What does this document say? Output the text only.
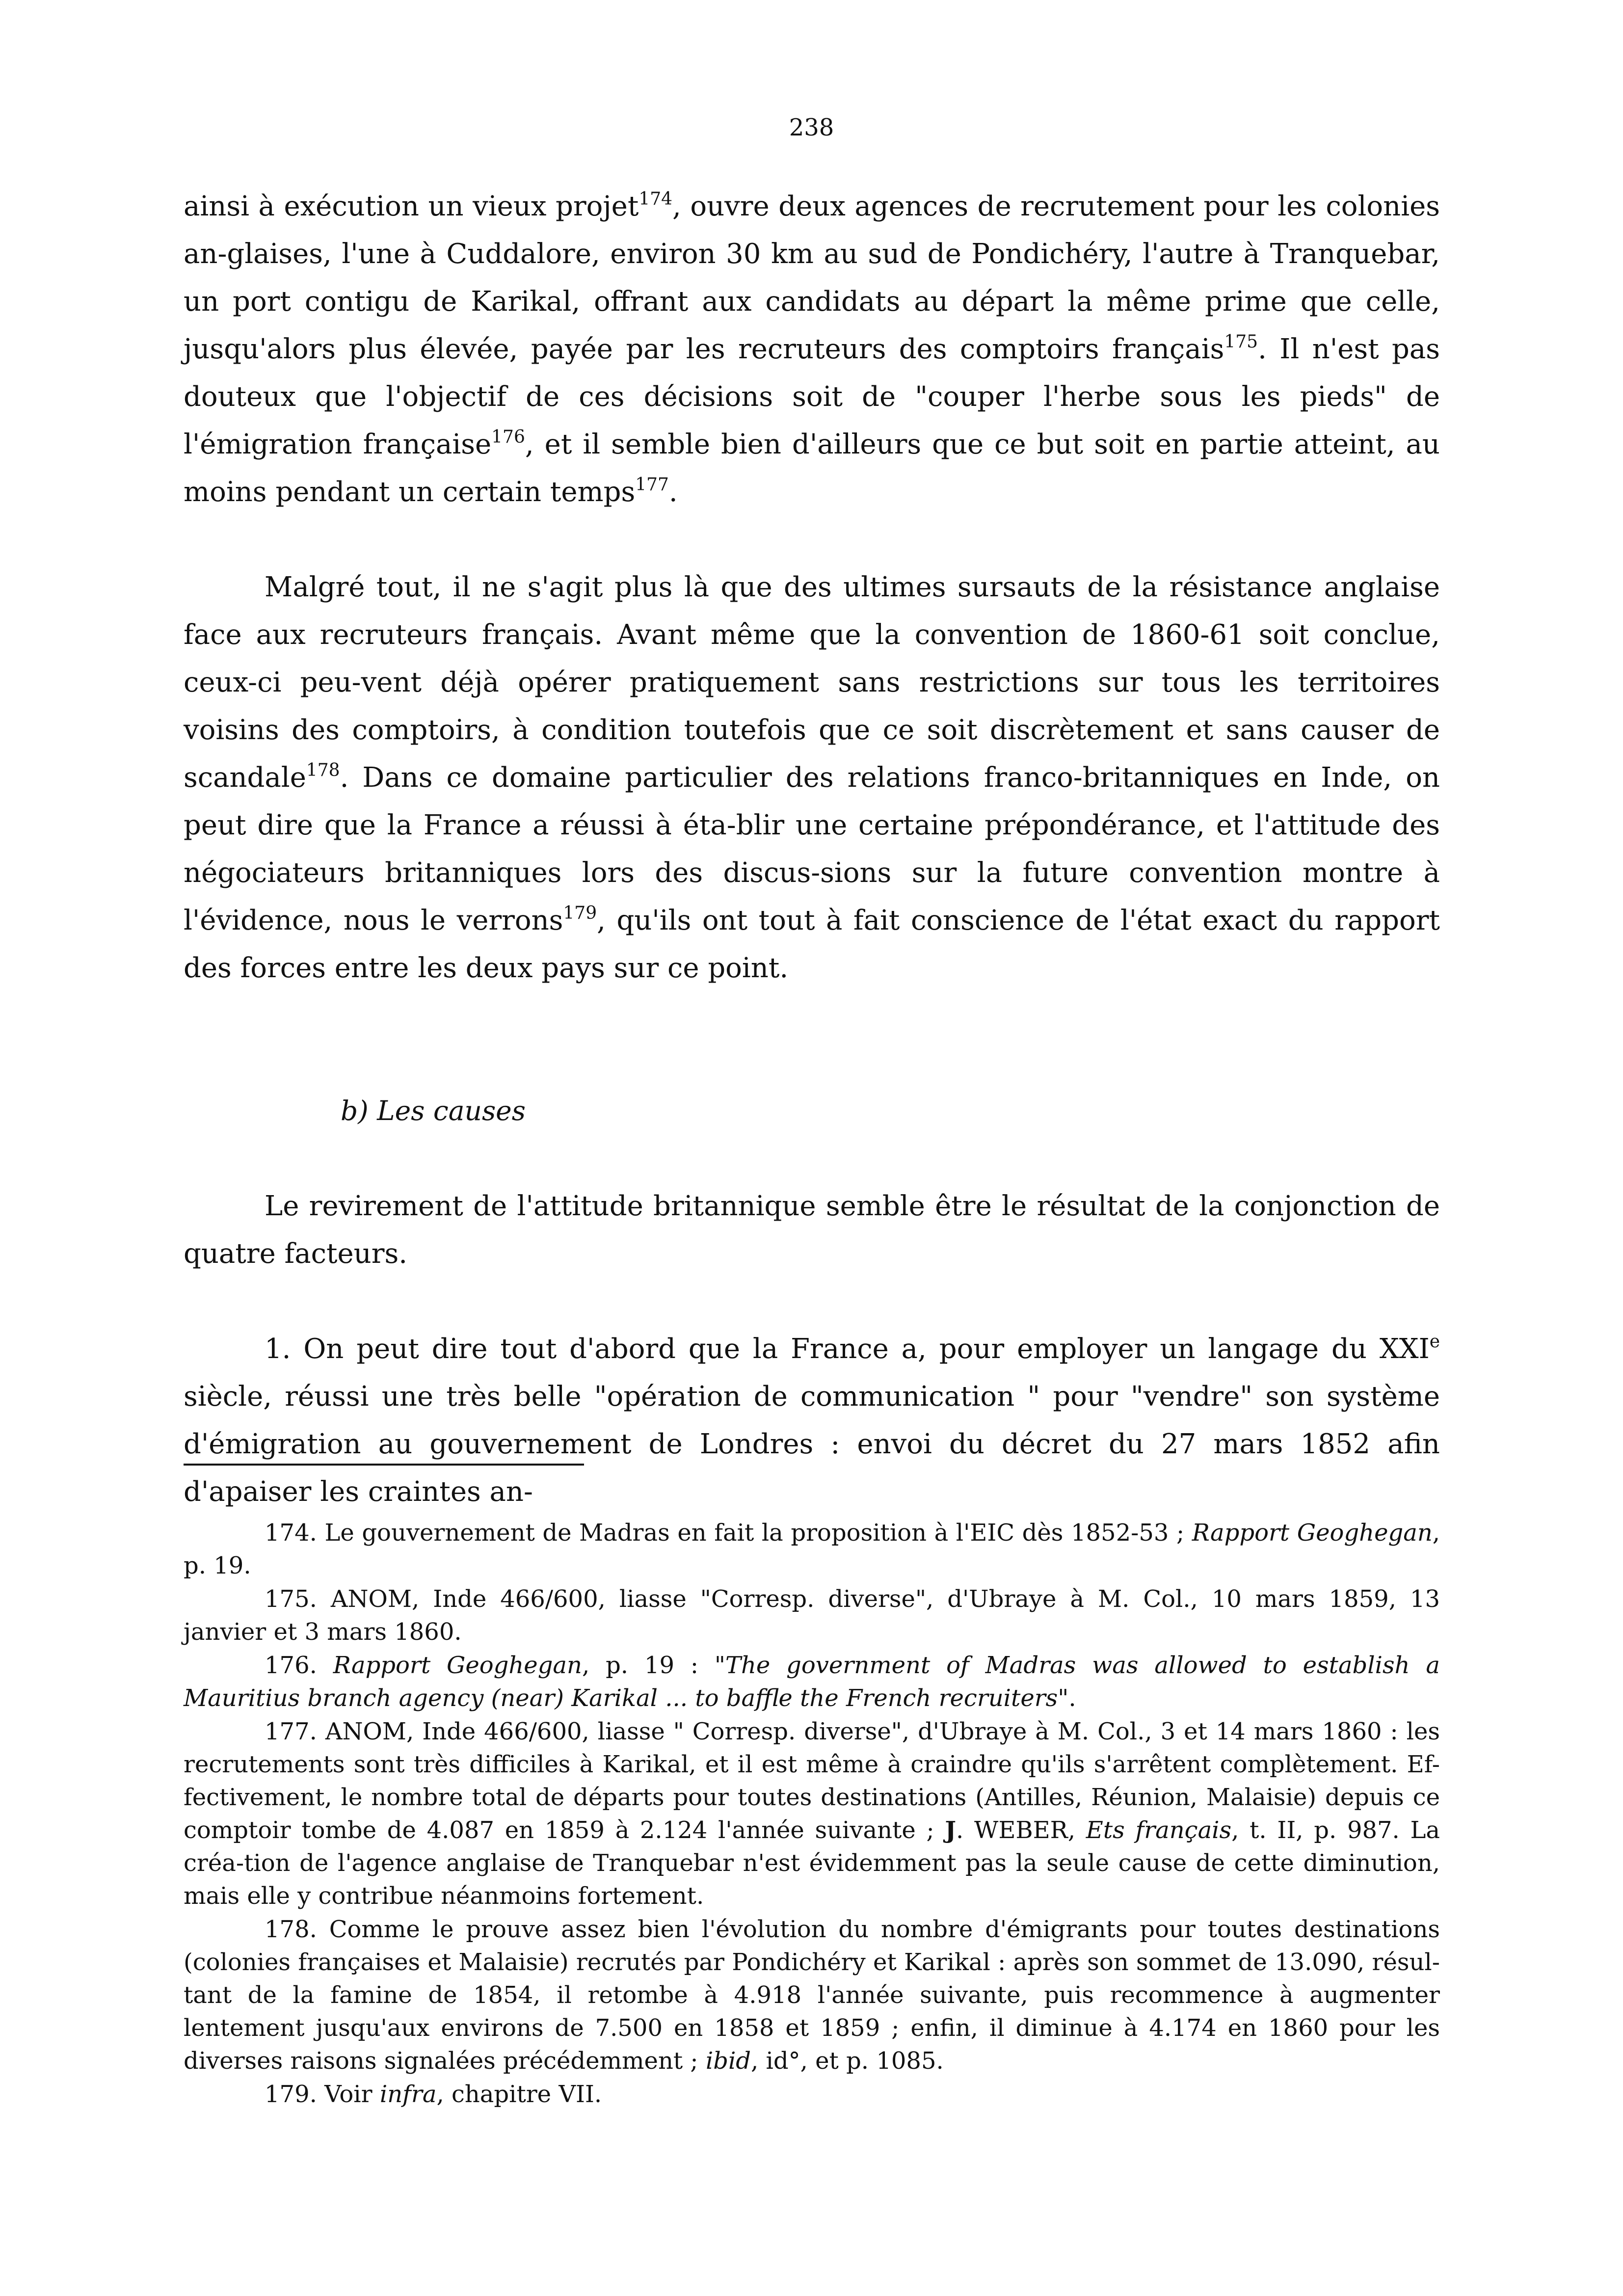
238

ainsi à exécution un vieux projet$^{174}$, ouvre deux agences de recrutement pour les colonies an-glaises, l'une à Cuddalore, environ 30 km au sud de Pondichéry, l'autre à Tranquebar, un port contigu de Karikal, offrant aux candidats au départ la même prime que celle, jusqu'alors plus élevée, payée par les recruteurs des comptoirs français$^{175}$. Il n'est pas douteux que l'objectif de ces décisions soit de "couper l'herbe sous les pieds" de l'émigration française$^{176}$, et il semble bien d'ailleurs que ce but soit en partie atteint, au moins pendant un certain temps$^{177}$.

Malgré tout, il ne s'agit plus là que des ultimes sursauts de la résistance anglaise face aux recruteurs français. Avant même que la convention de 1860-61 soit conclue, ceux-ci peu-vent déjà opérer pratiquement sans restrictions sur tous les territoires voisins des comptoirs, à condition toutefois que ce soit discrètement et sans causer de scandale$^{178}$. Dans ce domaine particulier des relations franco-britanniques en Inde, on peut dire que la France a réussi à éta-blir une certaine prépondérance, et l'attitude des négociateurs britanniques lors des discus-sions sur la future convention montre à l'évidence, nous le verrons$^{179}$, qu'ils ont tout à fait conscience de l'état exact du rapport des forces entre les deux pays sur ce point.

b) Les causes

Le revirement de l'attitude britannique semble être le résultat de la conjonction de quatre facteurs.

1. On peut dire tout d'abord que la France a, pour employer un langage du XXIe siècle, réussi une très belle "opération de communication " pour "vendre" son système d'émigration au gouvernement de Londres : envoi du décret du 27 mars 1852 afin d'apaiser les craintes an-

174. Le gouvernement de Madras en fait la proposition à l'EIC dès 1852-53 ; Rapport Geoghegan, p. 19.

175. ANOM, Inde 466/600, liasse "Corresp. diverse", d'Ubraye à M. Col., 10 mars 1859, 13 janvier et 3 mars 1860.

176. Rapport Geoghegan, p. 19 : "The government of Madras was allowed to establish a Mauritius branch agency (near) Karikal ... to baffle the French recruiters".

177. ANOM, Inde 466/600, liasse " Corresp. diverse", d'Ubraye à M. Col., 3 et 14 mars 1860 : les recrutements sont très difficiles à Karikal, et il est même à craindre qu'ils s'arrêtent complètement. Ef-fectivement, le nombre total de départs pour toutes destinations (Antilles, Réunion, Malaisie) depuis ce comptoir tombe de 4.087 en 1859 à 2.124 l'année suivante ; J. WEBER, Ets français, t. II, p. 987. La créa-tion de l'agence anglaise de Tranquebar n'est évidemment pas la seule cause de cette diminution, mais elle y contribue néanmoins fortement.

178. Comme le prouve assez bien l'évolution du nombre d'émigrants pour toutes destinations (colonies françaises et Malaisie) recrutés par Pondichéry et Karikal : après son sommet de 13.090, résul-tant de la famine de 1854, il retombe à 4.918 l'année suivante, puis recommence à augmenter lentement jusqu'aux environs de 7.500 en 1858 et 1859 ; enfin, il diminue à 4.174 en 1860 pour les diverses raisons signalées précédemment ; ibid, id°, et p. 1085.

179. Voir infra, chapitre VII.
